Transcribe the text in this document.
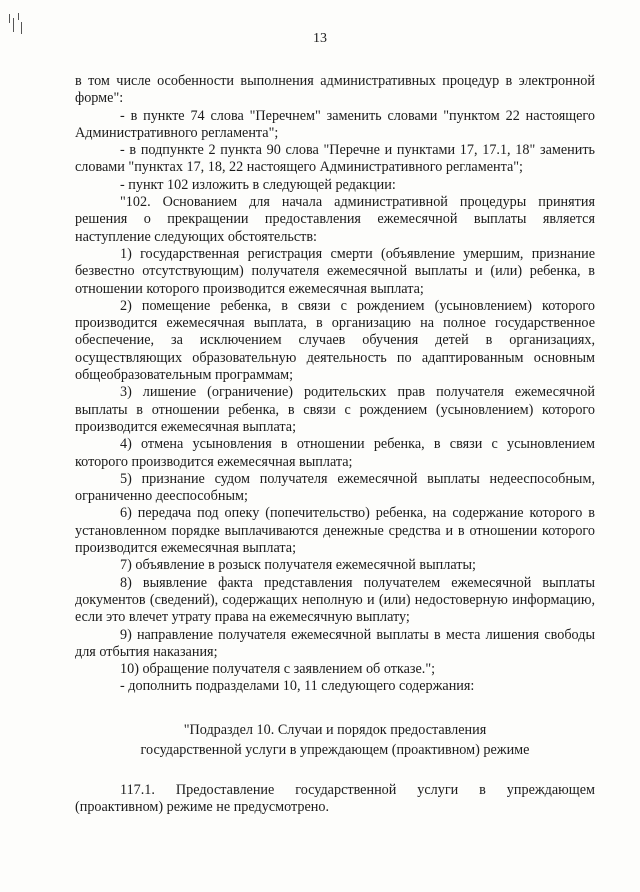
13

в том числе особенности выполнения административных процедур в электронной форме":

- в пункте 74 слова "Перечнем" заменить словами "пунктом 22 настоящего Административного регламента";

- в подпункте 2 пункта 90 слова "Перечне и пунктами 17, 17.1, 18" заменить словами "пунктах 17, 18, 22 настоящего Административного регламента";

- пункт 102 изложить в следующей редакции:

"102. Основанием для начала административной процедуры принятия решения о прекращении предоставления ежемесячной выплаты является наступление следующих обстоятельств:

1) государственная регистрация смерти (объявление умершим, признание безвестно отсутствующим) получателя ежемесячной выплаты и (или) ребенка, в отношении которого производится ежемесячная выплата;

2) помещение ребенка, в связи с рождением (усыновлением) которого производится ежемесячная выплата, в организацию на полное государственное обеспечение, за исключением случаев обучения детей в организациях, осуществляющих образовательную деятельность по адаптированным основным общеобразовательным программам;

3) лишение (ограничение) родительских прав получателя ежемесячной выплаты в отношении ребенка, в связи с рождением (усыновлением) которого производится ежемесячная выплата;

4) отмена усыновления в отношении ребенка, в связи с усыновлением которого производится ежемесячная выплата;

5) признание судом получателя ежемесячной выплаты недееспособным, ограниченно дееспособным;

6) передача под опеку (попечительство) ребенка, на содержание которого в установленном порядке выплачиваются денежные средства и в отношении которого производится ежемесячная выплата;

7) объявление в розыск получателя ежемесячной выплаты;

8) выявление факта представления получателем ежемесячной выплаты документов (сведений), содержащих неполную и (или) недостоверную информацию, если это влечет утрату права на ежемесячную выплату;

9) направление получателя ежемесячной выплаты в места лишения свободы для отбытия наказания;

10) обращение получателя с заявлением об отказе.";

- дополнить подразделами 10, 11 следующего содержания:

"Подраздел 10. Случаи и порядок предоставления
государственной услуги в упреждающем (проактивном) режиме

117.1. Предоставление государственной услуги в упреждающем (проактивном) режиме не предусмотрено.
